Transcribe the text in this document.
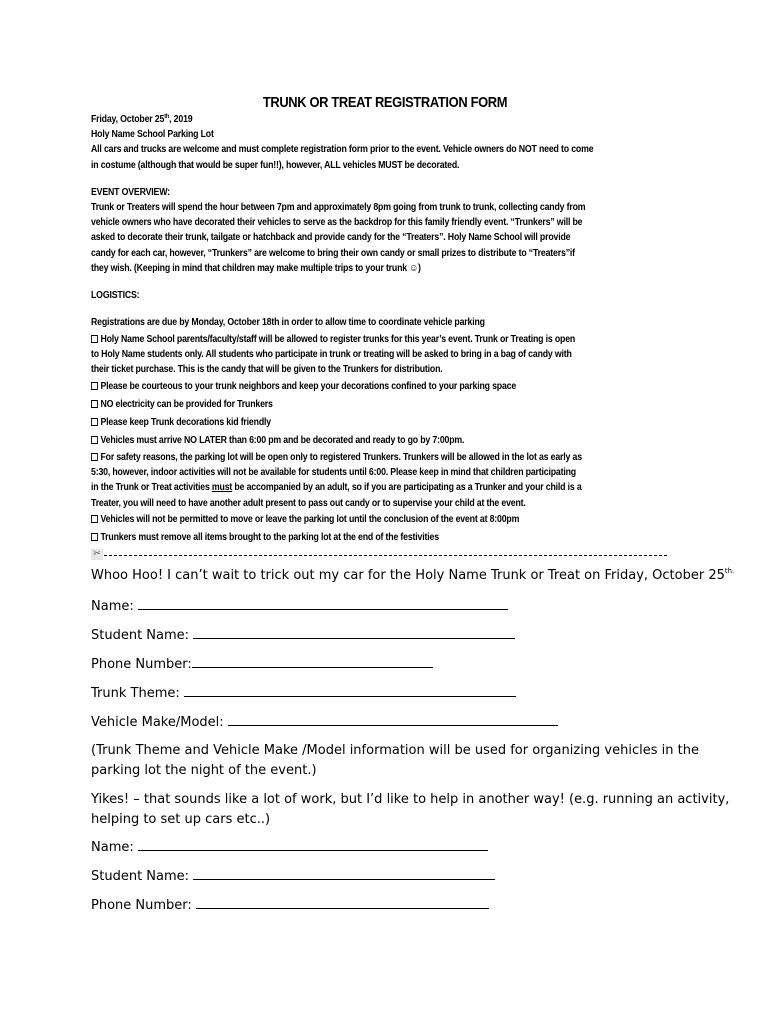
TRUNK OR TREAT REGISTRATION FORM
Friday, October 25th, 2019
Holy Name School Parking Lot
All cars and trucks are welcome and must complete registration form prior to the event. Vehicle owners do NOT need to come
in costume (although that would be super fun!!), however, ALL vehicles MUST be decorated.
EVENT OVERVIEW:
Trunk or Treaters will spend the hour between 7pm and approximately 8pm going from trunk to trunk, collecting candy from
vehicle owners who have decorated their vehicles to serve as the backdrop for this family friendly event. “Trunkers” will be
asked to decorate their trunk, tailgate or hatchback and provide candy for the “Treaters”. Holy Name School will provide
candy for each car, however, “Trunkers” are welcome to bring their own candy or small prizes to distribute to “Treaters”if
they wish. (Keeping in mind that children may make multiple trips to your trunk ☺)
LOGISTICS:
Registrations are due by Monday, October 18th in order to allow time to coordinate vehicle parking
Holy Name School parents/faculty/staff will be allowed to register trunks for this year’s event. Trunk or Treating is open
to Holy Name students only. All students who participate in trunk or treating will be asked to bring in a bag of candy with
their ticket purchase. This is the candy that will be given to the Trunkers for distribution.
Please be courteous to your trunk neighbors and keep your decorations confined to your parking space
NO electricity can be provided for Trunkers
Please keep Trunk decorations kid friendly
Vehicles must arrive NO LATER than 6:00 pm and be decorated and ready to go by 7:00pm.
For safety reasons, the parking lot will be open only to registered Trunkers. Trunkers will be allowed in the lot as early as
5:30, however, indoor activities will not be available for students until 6:00. Please keep in mind that children participating
in the Trunk or Treat activities must be accompanied by an adult, so if you are participating as a Trunker and your child is a
Treater, you will need to have another adult present to pass out candy or to supervise your child at the event.
Vehicles will not be permitted to move or leave the parking lot until the conclusion of the event at 8:00pm
Trunkers must remove all items brought to the parking lot at the end of the festivities
✂
Whoo Hoo! I can’t wait to trick out my car for the Holy Name Trunk or Treat on Friday, October $25^{th.}$
Name:
Student Name:
Phone Number:
Trunk Theme:
Vehicle Make/Model:
(Trunk Theme and Vehicle Make /Model information will be used for organizing vehicles in the
parking lot the night of the event.)
Yikes! – that sounds like a lot of work, but I’d like to help in another way! (e.g. running an activity,
helping to set up cars etc..)
Name:
Student Name:
Phone Number:
